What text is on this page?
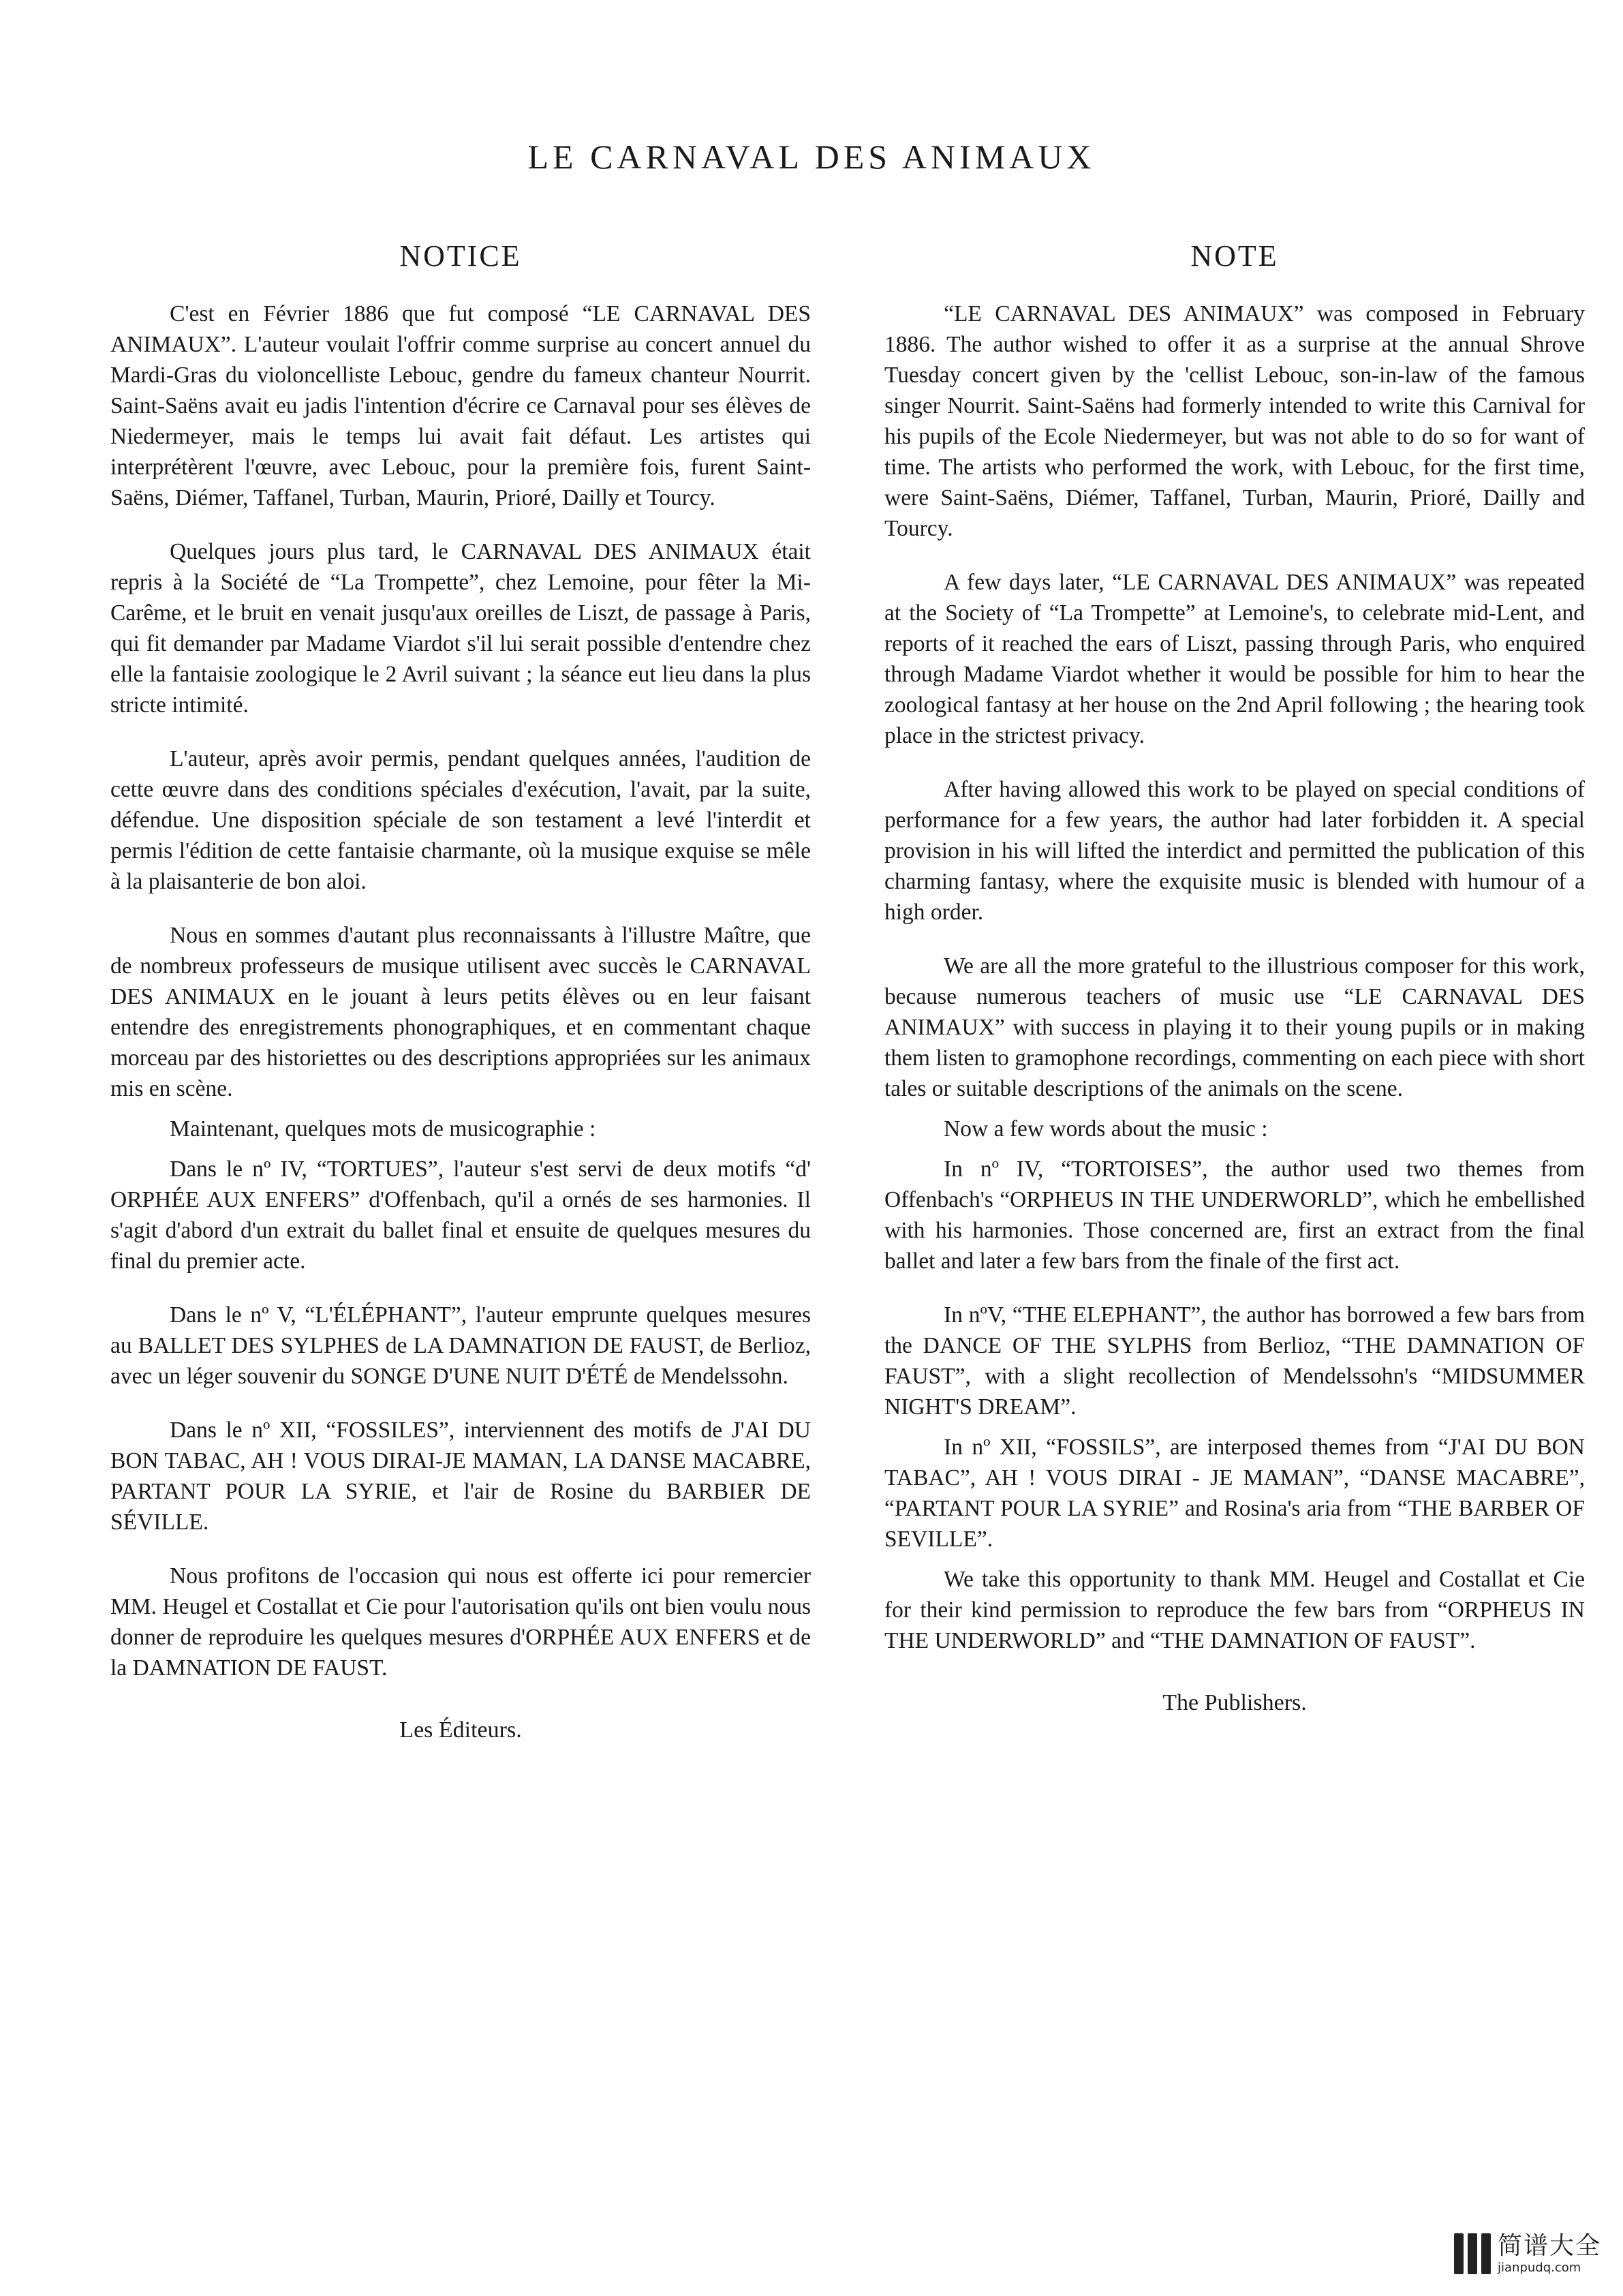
LE CARNAVAL DES ANIMAUX
NOTICE

C'est en Février 1886 que fut composé “LE CARNAVAL DES ANIMAUX”. L'auteur voulait l'offrir comme surprise au concert annuel du Mardi-Gras du violoncelliste Lebouc, gendre du fameux chanteur Nourrit. Saint-Saëns avait eu jadis l'intention d'écrire ce Carnaval pour ses élèves de Niedermeyer, mais le temps lui avait fait défaut. Les artistes qui interprétèrent l'œuvre, avec Lebouc, pour la première fois, furent Saint-Saëns, Diémer, Taffanel, Turban, Maurin, Prioré, Dailly et Tourcy.

Quelques jours plus tard, le CARNAVAL DES ANIMAUX était repris à la Société de “La Trompette”, chez Lemoine, pour fêter la Mi-Carême, et le bruit en venait jusqu'aux oreilles de Liszt, de passage à Paris, qui fit demander par Madame Viardot s'il lui serait possible d'entendre chez elle la fantaisie zoologique le 2 Avril suivant ; la séance eut lieu dans la plus stricte intimité.

L'auteur, après avoir permis, pendant quelques années, l'audition de cette œuvre dans des conditions spéciales d'exécution, l'avait, par la suite, défendue. Une disposition spéciale de son testament a levé l'interdit et permis l'édition de cette fantaisie charmante, où la musique exquise se mêle à la plaisanterie de bon aloi.

Nous en sommes d'autant plus reconnaissants à l'illustre Maître, que de nombreux professeurs de musique utilisent avec succès le CARNAVAL DES ANIMAUX en le jouant à leurs petits élèves ou en leur faisant entendre des enregistrements phonographiques, et en commentant chaque morceau par des historiettes ou des descriptions appropriées sur les animaux mis en scène.

Maintenant, quelques mots de musicographie :

Dans le nº IV, “TORTUES”, l'auteur s'est servi de deux motifs “d' ORPHÉE AUX ENFERS” d'Offenbach, qu'il a ornés de ses harmonies. Il s'agit d'abord d'un extrait du ballet final et ensuite de quelques mesures du final du premier acte.

Dans le nº V, “L'ÉLÉPHANT”, l'auteur emprunte quelques mesures au BALLET DES SYLPHES de LA DAMNATION DE FAUST, de Berlioz, avec un léger souvenir du SONGE D'UNE NUIT D'ÉTÉ de Mendelssohn.

Dans le nº XII, “FOSSILES”, interviennent des motifs de J'AI DU BON TABAC, AH ! VOUS DIRAI-JE MAMAN, LA DANSE MACABRE, PARTANT POUR LA SYRIE, et l'air de Rosine du BARBIER DE SÉVILLE.

Nous profitons de l'occasion qui nous est offerte ici pour remercier MM. Heugel et Costallat et Cie pour l'autorisation qu'ils ont bien voulu nous donner de reproduire les quelques mesures d'ORPHÉE AUX ENFERS et de la DAMNATION DE FAUST.

Les Éditeurs.
NOTE

“LE CARNAVAL DES ANIMAUX” was composed in February 1886. The author wished to offer it as a surprise at the annual Shrove Tuesday concert given by the 'cellist Lebouc, son-in-law of the famous singer Nourrit. Saint-Saëns had formerly intended to write this Carnival for his pupils of the Ecole Niedermeyer, but was not able to do so for want of time. The artists who performed the work, with Lebouc, for the first time, were Saint-Saëns, Diémer, Taffanel, Turban, Maurin, Prioré, Dailly and Tourcy.

A few days later, “LE CARNAVAL DES ANIMAUX” was repeated at the Society of “La Trompette” at Lemoine's, to celebrate mid-Lent, and reports of it reached the ears of Liszt, passing through Paris, who enquired through Madame Viardot whether it would be possible for him to hear the zoological fantasy at her house on the 2nd April following ; the hearing took place in the strictest privacy.

After having allowed this work to be played on special conditions of performance for a few years, the author had later forbidden it. A special provision in his will lifted the interdict and permitted the publication of this charming fantasy, where the exquisite music is blended with humour of a high order.

We are all the more grateful to the illustrious composer for this work, because numerous teachers of music use “LE CARNAVAL DES ANIMAUX” with success in playing it to their young pupils or in making them listen to gramophone recordings, commenting on each piece with short tales or suitable descriptions of the animals on the scene.

Now a few words about the music :

In nº IV, “TORTOISES”, the author used two themes from Offenbach's “ORPHEUS IN THE UNDERWORLD”, which he embellished with his harmonies. Those concerned are, first an extract from the final ballet and later a few bars from the finale of the first act.

In nºV, “THE ELEPHANT”, the author has borrowed a few bars from the DANCE OF THE SYLPHS from Berlioz, “THE DAMNATION OF FAUST”, with a slight recollection of Mendelssohn's “MIDSUMMER NIGHT'S DREAM”.

In nº XII, “FOSSILS”, are interposed themes from “J'AI DU BON TABAC”, AH ! VOUS DIRAI - JE MAMAN”, “DANSE MACABRE”, “PARTANT POUR LA SYRIE” and Rosina's aria from “THE BARBER OF SEVILLE”.

We take this opportunity to thank MM. Heugel and Costallat et Cie for their kind permission to reproduce the few bars from “ORPHEUS IN THE UNDERWORLD” and “THE DAMNATION OF FAUST”.

The Publishers.
简谱大全
jianpudq.com
